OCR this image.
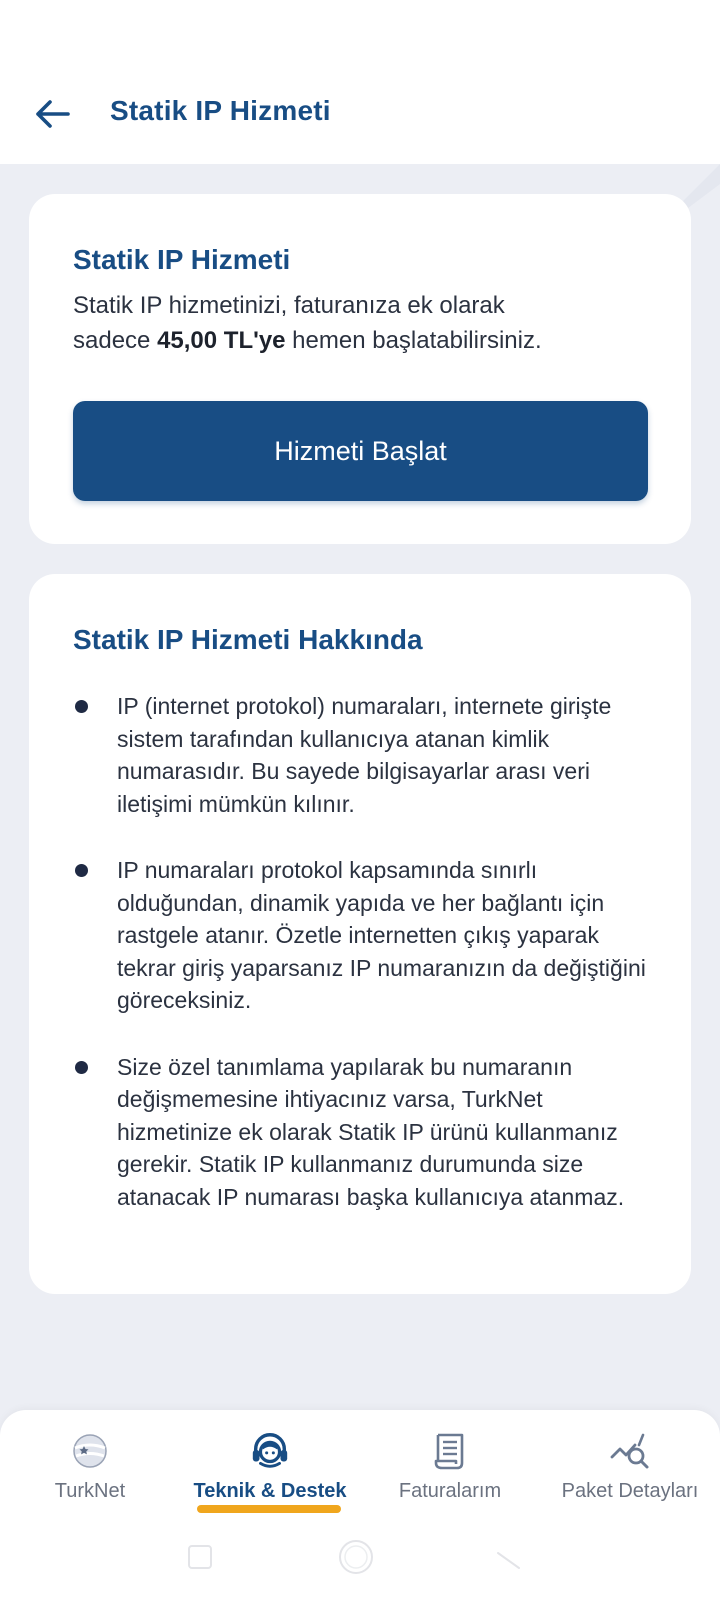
Statik IP Hizmeti
Statik IP Hizmeti
Statik IP hizmetinizi, faturanıza ek olarak
sadece 45,00 TL'ye hemen başlatabilirsiniz.
Hizmeti Başlat
Statik IP Hizmeti Hakkında
IP (internet protokol) numaraları, internete girişte sistem tarafından kullanıcıya atanan kimlik numarasıdır. Bu sayede bilgisayarlar arası veri iletişimi mümkün kılınır.
IP numaraları protokol kapsamında sınırlı olduğundan, dinamik yapıda ve her bağlantı için rastgele atanır. Özetle internetten çıkış yaparak tekrar giriş yaparsanız IP numaranızın da değiştiğini göreceksiniz.
Size özel tanımlama yapılarak bu numaranın değişmemesine ihtiyacınız varsa, TurkNet hizmetinize ek olarak Statik IP ürünü kullanmanız gerekir. Statik IP kullanmanız durumunda size atanacak IP numarası başka kullanıcıya atanmaz.
TurkNet	Teknik & Destek	Faturalarım	Paket Detayları
